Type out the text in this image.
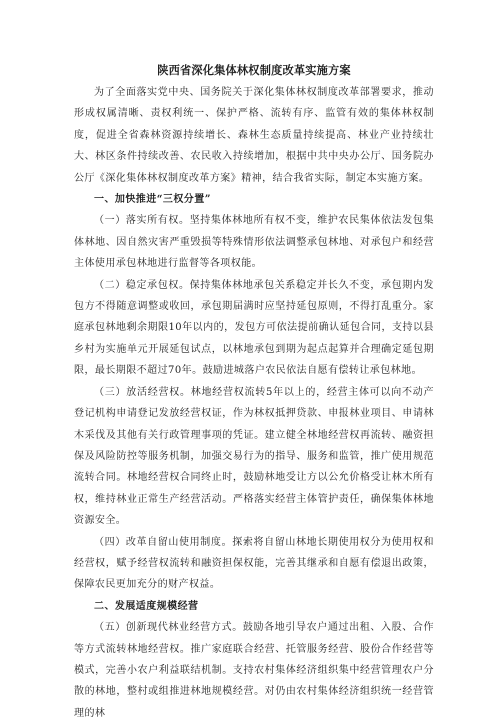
陕西省深化集体林权制度改革实施方案

为了全面落实党中央、国务院关于深化集体林权制度改革部署要求，推动形成权属清晰、责权利统一、保护严格、流转有序、监管有效的集体林权制度，促进全省森林资源持续增长、森林生态质量持续提高、林业产业持续壮大、林区条件持续改善、农民收入持续增加，根据中共中央办公厅、国务院办公厅《深化集体林权制度改革方案》精神，结合我省实际，制定本实施方案。

一、加快推进“三权分置”

（一）落实所有权。坚持集体林地所有权不变，维护农民集体依法发包集体林地、因自然灾害严重毁损等特殊情形依法调整承包林地、对承包户和经营主体使用承包林地进行监督等各项权能。

（二）稳定承包权。保持集体林地承包关系稳定并长久不变，承包期内发包方不得随意调整或收回，承包期届满时应坚持延包原则，不得打乱重分。家庭承包林地剩余期限10年以内的，发包方可依法提前确认延包合同，支持以县乡村为实施单元开展延包试点，以林地承包到期为起点起算并合理确定延包期限，最长期限不超过70年。鼓励进城落户农民依法自愿有偿转让承包林地。

（三）放活经营权。林地经营权流转5年以上的，经营主体可以向不动产登记机构申请登记发放经营权证，作为林权抵押贷款、申报林业项目、申请林木采伐及其他有关行政管理事项的凭证。建立健全林地经营权再流转、融资担保及风险防控等服务机制，加强交易行为的指导、服务和监管，推广使用规范流转合同。林地经营权合同终止时，鼓励林地受让方以公允价格受让林木所有权，维持林业正常生产经营活动。严格落实经营主体管护责任，确保集体林地资源安全。

（四）改革自留山使用制度。探索将自留山林地长期使用权分为使用权和经营权，赋予经营权流转和融资担保权能，完善其继承和自愿有偿退出政策，保障农民更加充分的财产权益。

二、发展适度规模经营

（五）创新现代林业经营方式。鼓励各地引导农户通过出租、入股、合作等方式流转林地经营权。推广家庭联合经营、托管服务经营、股份合作经营等模式，完善小农户利益联结机制。支持农村集体经济组织集中经营管理农户分散的林地，整村或组推进林地规模经营。对仍由农村集体经济组织统一经营管理的林
